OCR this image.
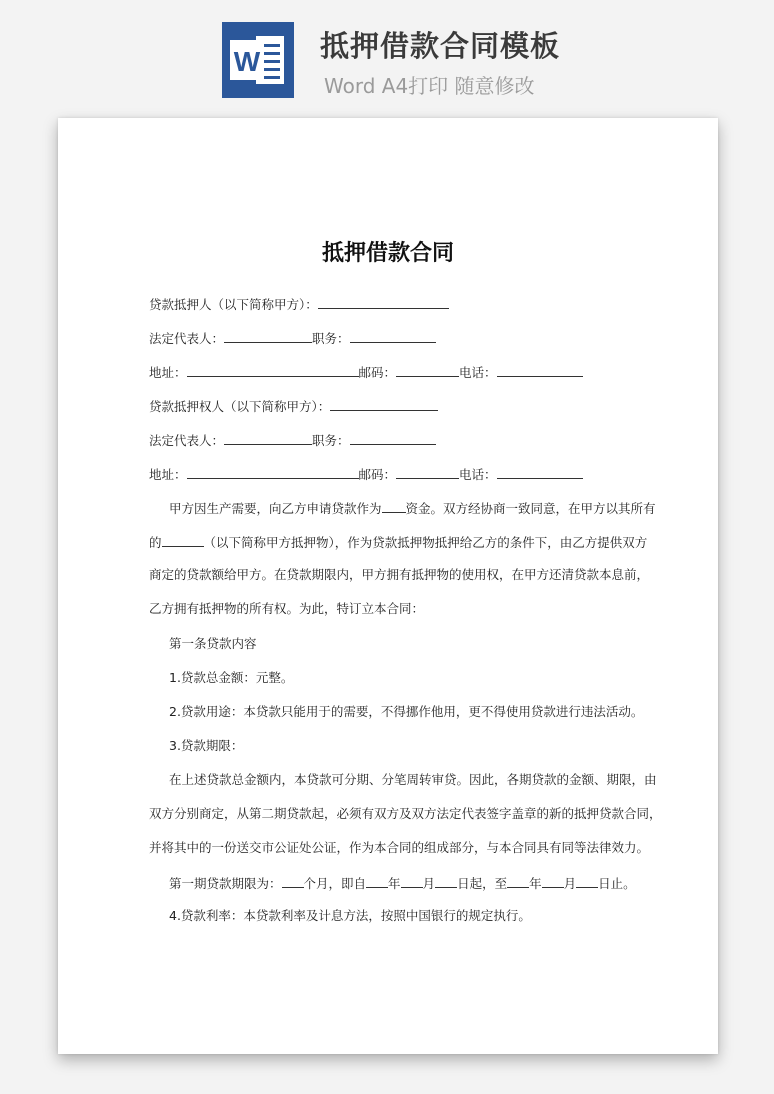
W 抵押借款合同模板
Word A4打印 随意修改
抵押借款合同
贷款抵押人（以下简称甲方）：
法定代表人：	职务：
地址：	邮码：	电话：
贷款抵押权人（以下简称甲方）：
法定代表人：	职务：
地址：	邮码：	电话：
甲方因生产需要，向乙方申请贷款作为 资金。双方经协商一致同意，在甲方以其所有
的	（以下简称甲方抵押物），作为贷款抵押物抵押给乙方的条件下，由乙方提供双方
商定的贷款额给甲方。在贷款期限内，甲方拥有抵押物的使用权，在甲方还清贷款本息前，
乙方拥有抵押物的所有权。为此，特订立本合同：
第一条贷款内容
1.贷款总金额：元整。
2.贷款用途：本贷款只能用于的需要，不得挪作他用，更不得使用贷款进行违法活动。
3.贷款期限：
在上述贷款总金额内，本贷款可分期、分笔周转审贷。因此，各期贷款的金额、期限，由
双方分别商定，从第二期贷款起，必须有双方及双方法定代表签字盖章的新的抵押贷款合同，
并将其中的一份送交市公证处公证，作为本合同的组成部分，与本合同具有同等法律效力。
第一期贷款期限为： 个月，即自 年 月 日起，至 年 月 日止。
4.贷款利率：本贷款利率及计息方法，按照中国银行的规定执行。
